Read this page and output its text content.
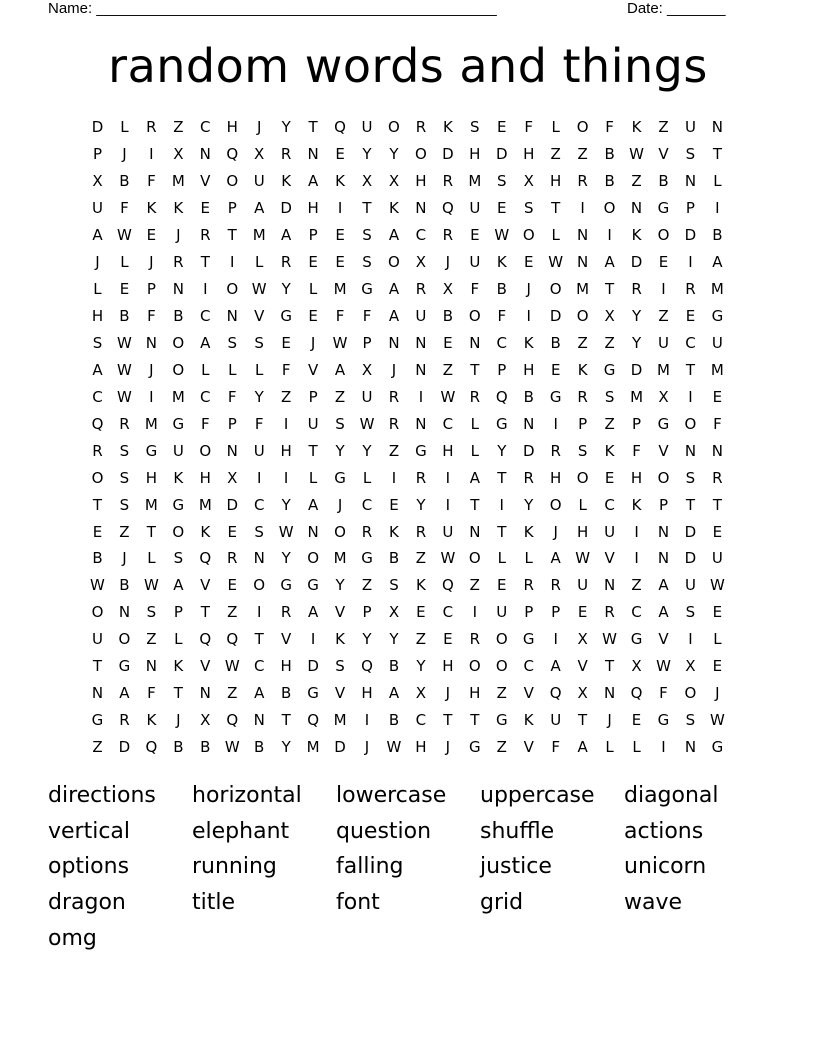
Name: ________________________________________________	Date: _______
random words and things
D	L	R	Z	C	H	J	Y	T	Q	U	O	R	K	S	E	F	L	O	F	K	Z	U	N
P	J	I	X	N	Q	X	R	N	E	Y	Y	O	D	H	D	H	Z	Z	B W V	S	T
X	B	F	M	V	O	U	K	A	K	X	X	H	R	M	S	X	H	R	B	Z	B	N	L
U	F	K	K	E	P	A	D	H	I	T	K	N	Q	U	E	S	T	I	O	N	G	P	I
A W E	J	R	T	M	A	P	E	S	A	C	R	E W O	L	N	I	K	O	D	B
J	L	J	R	T	I	L	R	E	E	S	O	X	J	U	K	E W N	A	D	E	I	A
L	E	P	N	I	O W Y	L	M G	A	R	X	F	B	J	O M	T	R	I	R	M
H	B	F	B	C	N	V	G	E	F	F	A	U	B	O	F	I	D	O	X	Y	Z	E	G
S W N	O	A	S	S	E	J	W	P	N	N	E	N	C	K	B	Z	Z	Y	U	C	U
A W	J	O	L	L	L	F	V	A	X	J	N	Z	T	P	H	E	K	G	D M	T	M
C W	I	M	C	F	Y	Z	P	Z	U	R	I	W R	Q	B	G	R	S	M	X	I	E
Q	R	M G	F	P	F	I	U	S W R	N	C	L	G	N	I	P	Z	P	G	O	F
R	S	G	U	O	N	U	H	T	Y	Y	Z	G	H	L	Y	D	R	S	K	F	V	N	N
O	S	H	K	H	X	I	I	L	G	L	I	R	I	A	T	R	H	O	E	H	O	S	R
T	S	M G M D	C	Y	A	J	C	E	Y	I	T	I	Y	O	L	C	K	P	T	T
E	Z	T	O	K	E	S W N	O	R	K	R	U	N	T	K	J	H	U	I	N	D	E
B	J	L	S	Q	R	N	Y	O M G	B	Z W O	L	L	A W V	I	N	D	U
W B W A	V	E	O	G	G	Y	Z	S	K	Q	Z	E	R	R	U	N	Z	A	U W
O	N	S	P	T	Z	I	R	A	V	P	X	E	C	I	U	P	P	E	R	C	A	S	E
U	O	Z	L	Q	Q	T	V	I	K	Y	Y	Z	E	R	O	G	I	X W G	V	I	L
T	G	N	K	V W C	H	D	S	Q	B	Y	H	O	O	C	A	V	T	X W X	E
N	A	F	T	N	Z	A	B	G	V	H	A	X	J	H	Z	V	Q	X	N	Q	F	O	J
G	R	K	J	X	Q	N	T	Q M	I	B	C	T	T	G	K	U	T	J	E	G	S W
Z	D	Q	B	B W B	Y	M D	J	W H	J	G	Z	V	F	A	L	L	I	N	G
directions	horizontal	lowercase	uppercase	diagonal
vertical	elephant	question	shuffle	actions
options	running	falling	justice	unicorn
dragon	title	font	grid	wave
omg
